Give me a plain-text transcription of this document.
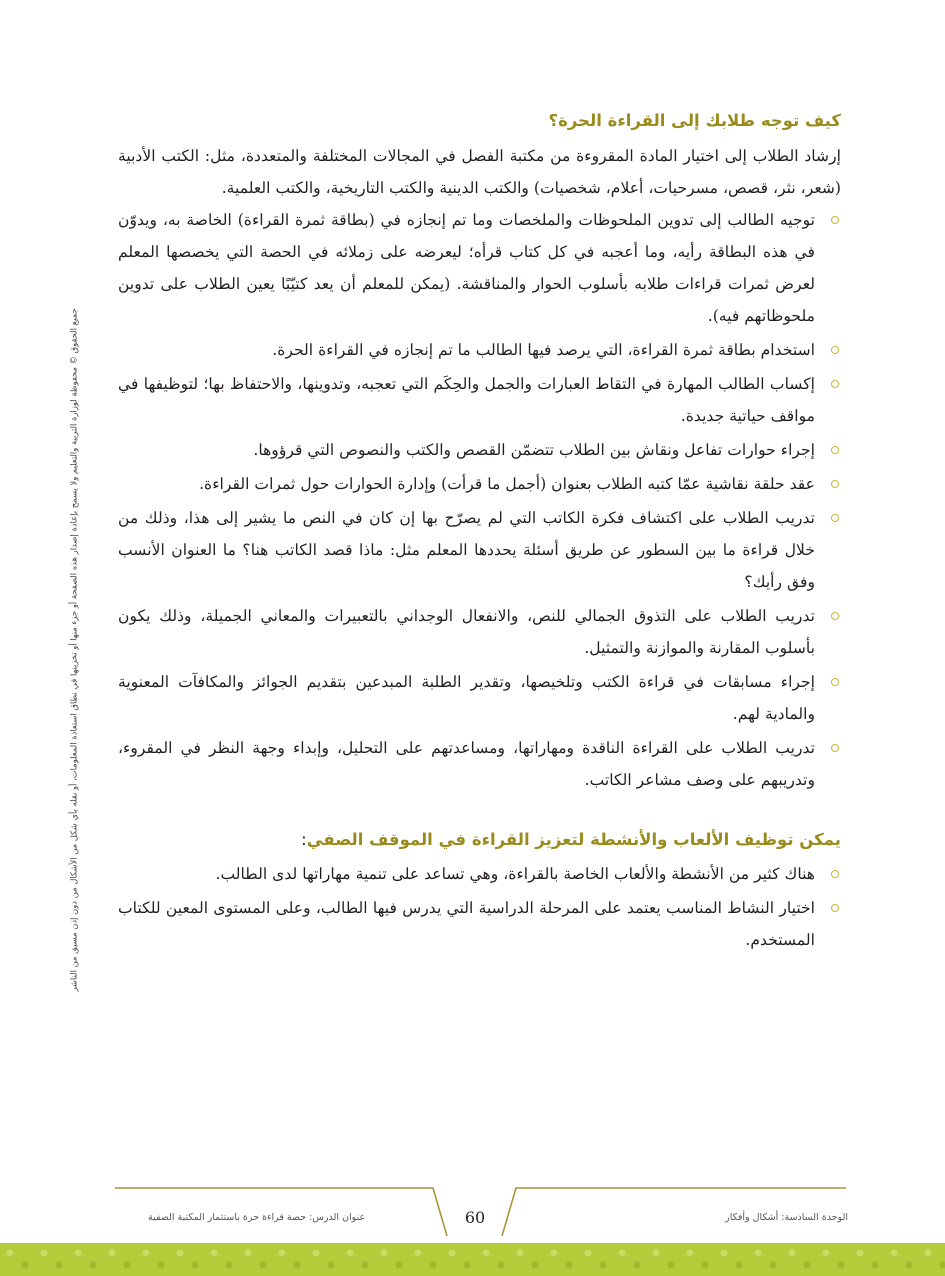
جميع الحقوق © محفوظة لوزارة التربية والتعليم ولا يسمح بإعادة إصدار هذه الصفحة أو جزء منها أو تخزينها في نطاق استعادة المعلومات، أو نقله بأي شكل من الأشكال من دون إذن مسبق من الناشر
كيف توجه طلابك إلى القراءة الحرة؟

إرشاد الطلاب إلى اختيار المادة المقروءة من مكتبة الفصل في المجالات المختلفة والمتعددة، مثل: الكتب الأدبية (شعر، نثر، قصص، مسرحيات، أعلام، شخصيات) والكتب الدينية والكتب التاريخية، والكتب العلمية.

توجيه الطالب إلى تدوين الملحوظات والملخصات وما تم إنجازه في (بطاقة ثمرة القراءة) الخاصة به، ويدوّن في هذه البطاقة رأيه، وما أعجبه في كل كتاب قرأه؛ ليعرضه على زملائه في الحصة التي يخصصها المعلم لعرض ثمرات قراءات طلابه بأسلوب الحوار والمناقشة. (يمكن للمعلم أن يعد كتيّبًا يعين الطلاب على تدوين ملحوظاتهم فيه).
استخدام بطاقة ثمرة القراءة، التي يرصد فيها الطالب ما تم إنجازه في القراءة الحرة.
إكساب الطالب المهارة في التقاط العبارات والجمل والحِكَم التي تعجبه، وتدوينها، والاحتفاظ بها؛ لتوظيفها في مواقف حياتية جديدة.
إجراء حوارات تفاعل ونقاش بين الطلاب تتضمّن القصص والكتب والنصوص التي قرؤوها.
عقد حلقة نقاشية عمّا كتبه الطلاب بعنوان (أجمل ما قرأت) وإدارة الحوارات حول ثمرات القراءة.
تدريب الطلاب على اكتشاف فكرة الكاتب التي لم يصرّح بها إن كان في النص ما يشير إلى هذا، وذلك من خلال قراءة ما بين السطور عن طريق أسئلة يحددها المعلم مثل: ماذا قصد الكاتب هنا؟ ما العنوان الأنسب وفق رأيك؟
تدريب الطلاب على التذوق الجمالي للنص، والانفعال الوجداني بالتعبيرات والمعاني الجميلة، وذلك يكون بأسلوب المقارنة والموازنة والتمثيل.
إجراء مسابقات في قراءة الكتب وتلخيصها، وتقدير الطلبة المبدعين بتقديم الجوائز والمكافآت المعنوية والمادية لهم.
تدريب الطلاب على القراءة الناقدة ومهاراتها، ومساعدتهم على التحليل، وإبداء وجهة النظر في المقروء، وتدريبهم على وصف مشاعر الكاتب.
يمكن توظيف الألعاب والأنشطة لتعزيز القراءة في الموقف الصفي:
هناك كثير من الأنشطة والألعاب الخاصة بالقراءة، وهي تساعد على تنمية مهاراتها لدى الطالب.
اختيار النشاط المناسب يعتمد على المرحلة الدراسية التي يدرس فيها الطالب، وعلى المستوى المعين للكتاب المستخدم.
عنوان الدرس: حصة قراءة حرة باستثمار المكتبة الصفية	60	الوحدة السادسة: أشكال وأفكار
